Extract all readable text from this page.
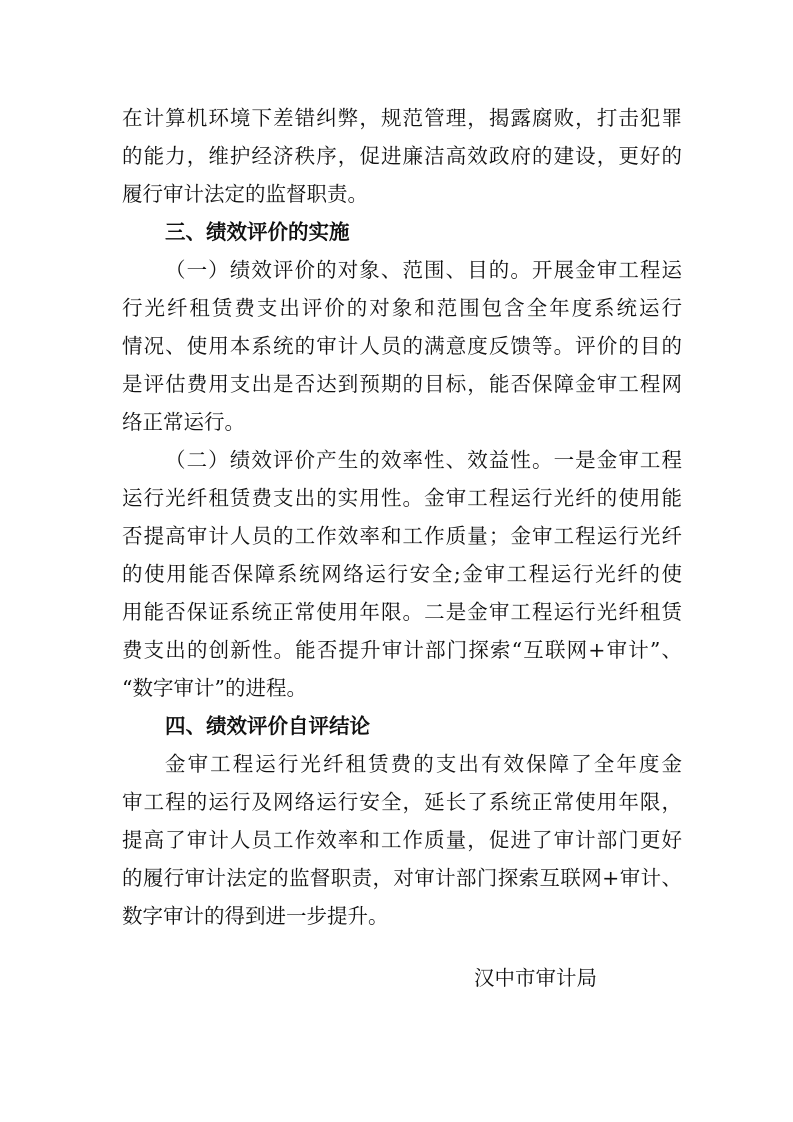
在计算机环境下差错纠弊，规范管理，揭露腐败，打击犯罪
的能力，维护经济秩序，促进廉洁高效政府的建设，更好的
履行审计法定的监督职责。
三、绩效评价的实施
（一）绩效评价的对象、范围、目的。开展金审工程运
行光纤租赁费支出评价的对象和范围包含全年度系统运行
情况、使用本系统的审计人员的满意度反馈等。评价的目的
是评估费用支出是否达到预期的目标，能否保障金审工程网
络正常运行。
（二）绩效评价产生的效率性、效益性。一是金审工程
运行光纤租赁费支出的实用性。金审工程运行光纤的使用能
否提高审计人员的工作效率和工作质量；金审工程运行光纤
的使用能否保障系统网络运行安全;金审工程运行光纤的使
用能否保证系统正常使用年限。二是金审工程运行光纤租赁
费支出的创新性。能否提升审计部门探索“互联网+审计”、
“数字审计”的进程。
四、绩效评价自评结论
金审工程运行光纤租赁费的支出有效保障了全年度金
审工程的运行及网络运行安全，延长了系统正常使用年限，
提高了审计人员工作效率和工作质量，促进了审计部门更好
的履行审计法定的监督职责，对审计部门探索互联网+审计、
数字审计的得到进一步提升。
汉中市审计局
